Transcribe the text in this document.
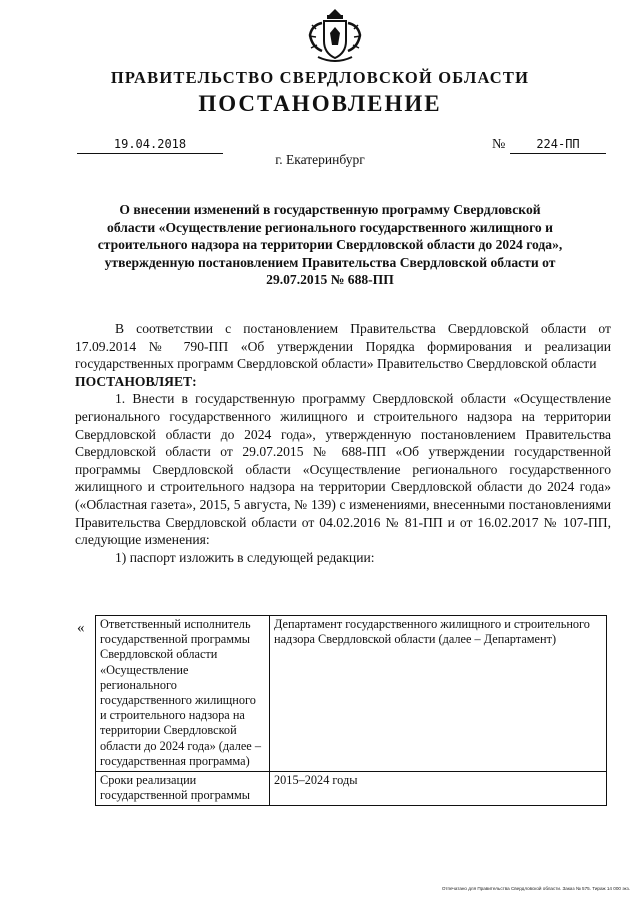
ПРАВИТЕЛЬСТВО СВЕРДЛОВСКОЙ ОБЛАСТИ
ПОСТАНОВЛЕНИЕ
19.04.2018	№	224-ПП
г. Екатеринбург
О внесении изменений в государственную программу Свердловской области «Осуществление регионального государственного жилищного и строительного надзора на территории Свердловской области до 2024 года», утвержденную постановлением Правительства Свердловской области от 29.07.2015 № 688-ПП

В соответствии с постановлением Правительства Свердловской области от 17.09.2014 № 790-ПП «Об утверждении Порядка формирования и реализации государственных программ Свердловской области» Правительство Свердловской области

ПОСТАНОВЛЯЕТ:

1. Внести в государственную программу Свердловской области «Осуществление регионального государственного жилищного и строительного надзора на территории Свердловской области до 2024 года», утвержденную постановлением Правительства Свердловской области от 29.07.2015 № 688-ПП «Об утверждении государственной программы Свердловской области «Осуществление регионального государственного жилищного и строительного надзора на территории Свердловской области до 2024 года» («Областная газета», 2015, 5 августа, № 139) с изменениями, внесенными постановлениями Правительства Свердловской области от 04.02.2016 № 81-ПП и от 16.02.2017 № 107-ПП, следующие изменения:

1) паспорт изложить в следующей редакции:

« Ответственный исполнитель государственной программы Свердловской области «Осуществление регионального государственного жилищного и строительного надзора на территории Свердловской области до 2024 года» (далее – государственная программа)	Департамент государственного жилищного и строительного надзора Свердловской области (далее – Департамент)
Сроки реализации государственной программы	2015–2024 годы
Отпечатано для Правительства Свердловской области. Заказ № 575. Тираж 14 000 экз.
